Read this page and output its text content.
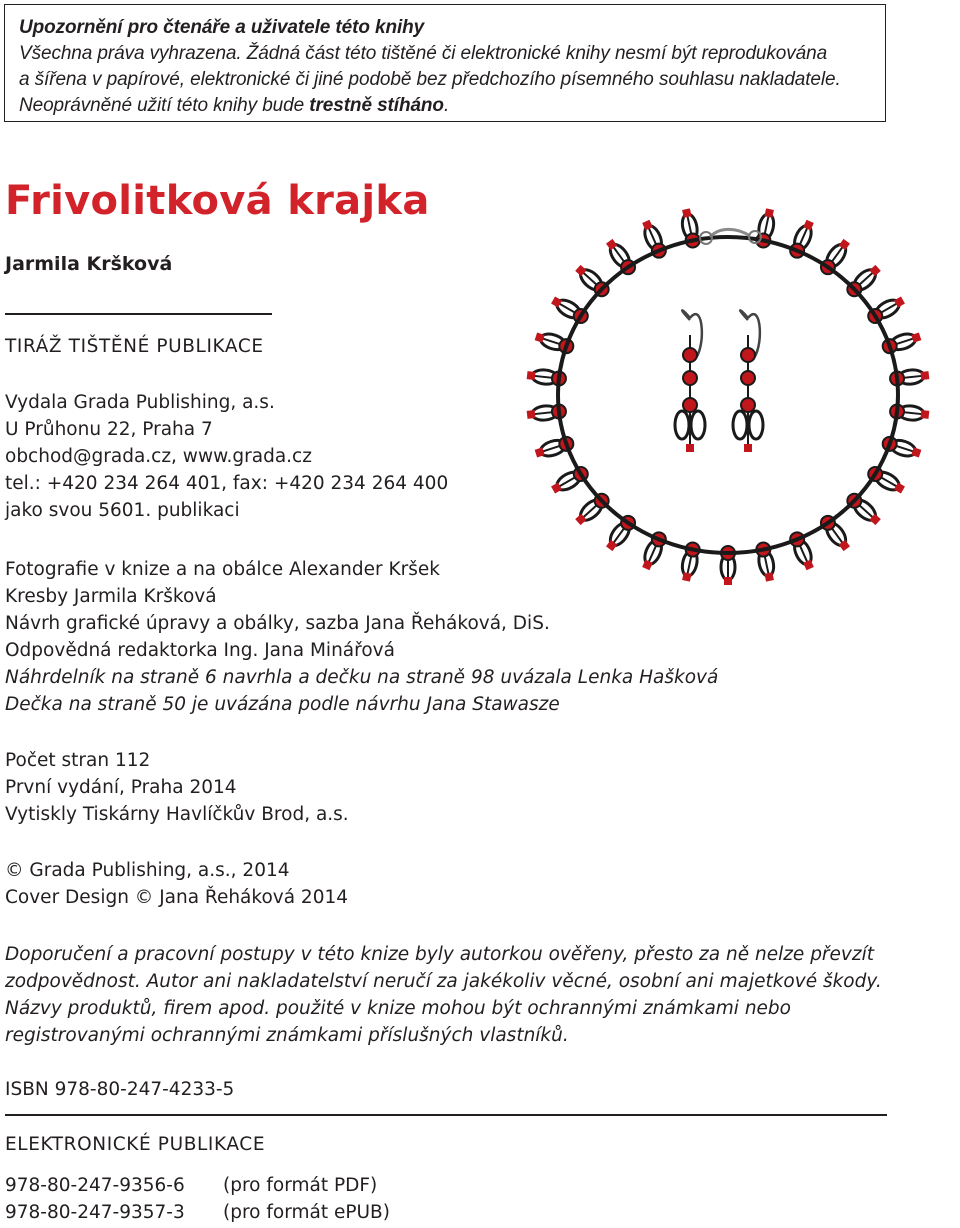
Upozornění pro čtenáře a uživatele této knihy
Všechna práva vyhrazena. Žádná část této tištěné či elektronické knihy nesmí být reprodukována
a šířena v papírové, elektronické či jiné podobě bez předchozího písemného souhlasu nakladatele.
Neoprávněné užití této knihy bude trestně stíháno.
Frivolitková krajka
Jarmila Kršková
TIRÁŽ TIŠTĚNÉ PUBLIKACE
Vydala Grada Publishing, a.s.
U Průhonu 22, Praha 7
obchod@grada.cz, www.grada.cz
tel.: +420 234 264 401, fax: +420 234 264 400
jako svou 5601. publikaci
Fotografie v knize a na obálce Alexander Kršek
Kresby Jarmila Kršková
Návrh grafické úpravy a obálky, sazba Jana Řeháková, DiS.
Odpovědná redaktorka Ing. Jana Minářová
Náhrdelník na straně 6 navrhla a dečku na straně 98 uvázala Lenka Hašková
Dečka na straně 50 je uvázána podle návrhu Jana Stawasze
Počet stran 112
První vydání, Praha 2014
Vytiskly Tiskárny Havlíčkův Brod, a.s.
© Grada Publishing, a.s., 2014
Cover Design © Jana Řeháková 2014
Doporučení a pracovní postupy v této knize byly autorkou ověřeny, přesto za ně nelze převzít
zodpovědnost. Autor ani nakladatelství neručí za jakékoliv věcné, osobní ani majetkové škody.
Názvy produktů, firem apod. použité v knize mohou být ochrannými známkami nebo
registrovanými ochrannými známkami příslušných vlastníků.
ISBN 978-80-247-4233-5
ELEKTRONICKÉ PUBLIKACE
978-80-247-9356-6 (pro formát PDF)
978-80-247-9357-3 (pro formát ePUB)
